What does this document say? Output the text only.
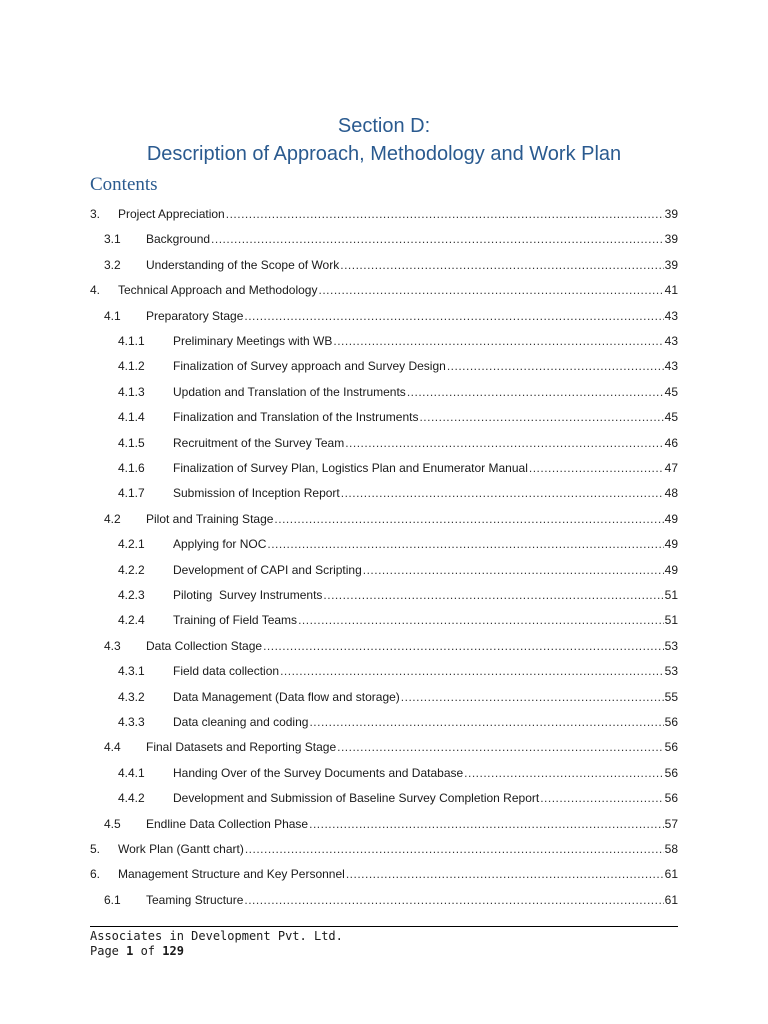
Section D:
Description of Approach, Methodology and Work Plan
Contents
3.	Project Appreciation .....	39
3.1	Background .....	39
3.2	Understanding of the Scope of Work .....	39
4.	Technical Approach and Methodology .....	41
4.1	Preparatory Stage .....	43
4.1.1	Preliminary Meetings with WB .....	43
4.1.2	Finalization of Survey approach and Survey Design .....	43
4.1.3	Updation and Translation of the Instruments .....	45
4.1.4	Finalization and Translation of the Instruments .....	45
4.1.5	Recruitment of the Survey Team .....	46
4.1.6	Finalization of Survey Plan, Logistics Plan and Enumerator Manual .....	47
4.1.7	Submission of Inception Report .....	48
4.2	Pilot and Training Stage .....	49
4.2.1	Applying for NOC .....	49
4.2.2	Development of CAPI and Scripting .....	49
4.2.3	Piloting  Survey Instruments .....	51
4.2.4	Training of Field Teams .....	51
4.3	Data Collection Stage .....	53
4.3.1	Field data collection .....	53
4.3.2	Data Management (Data flow and storage) .....	55
4.3.3	Data cleaning and coding .....	56
4.4	Final Datasets and Reporting Stage .....	56
4.4.1	Handing Over of the Survey Documents and Database .....	56
4.4.2	Development and Submission of Baseline Survey Completion Report .....	56
4.5	Endline Data Collection Phase .....	57
5.	Work Plan (Gantt chart) .....	58
6.	Management Structure and Key Personnel .....	61
6.1	Teaming Structure .....	61
Associates in Development Pvt. Ltd.
Page 1 of 129
